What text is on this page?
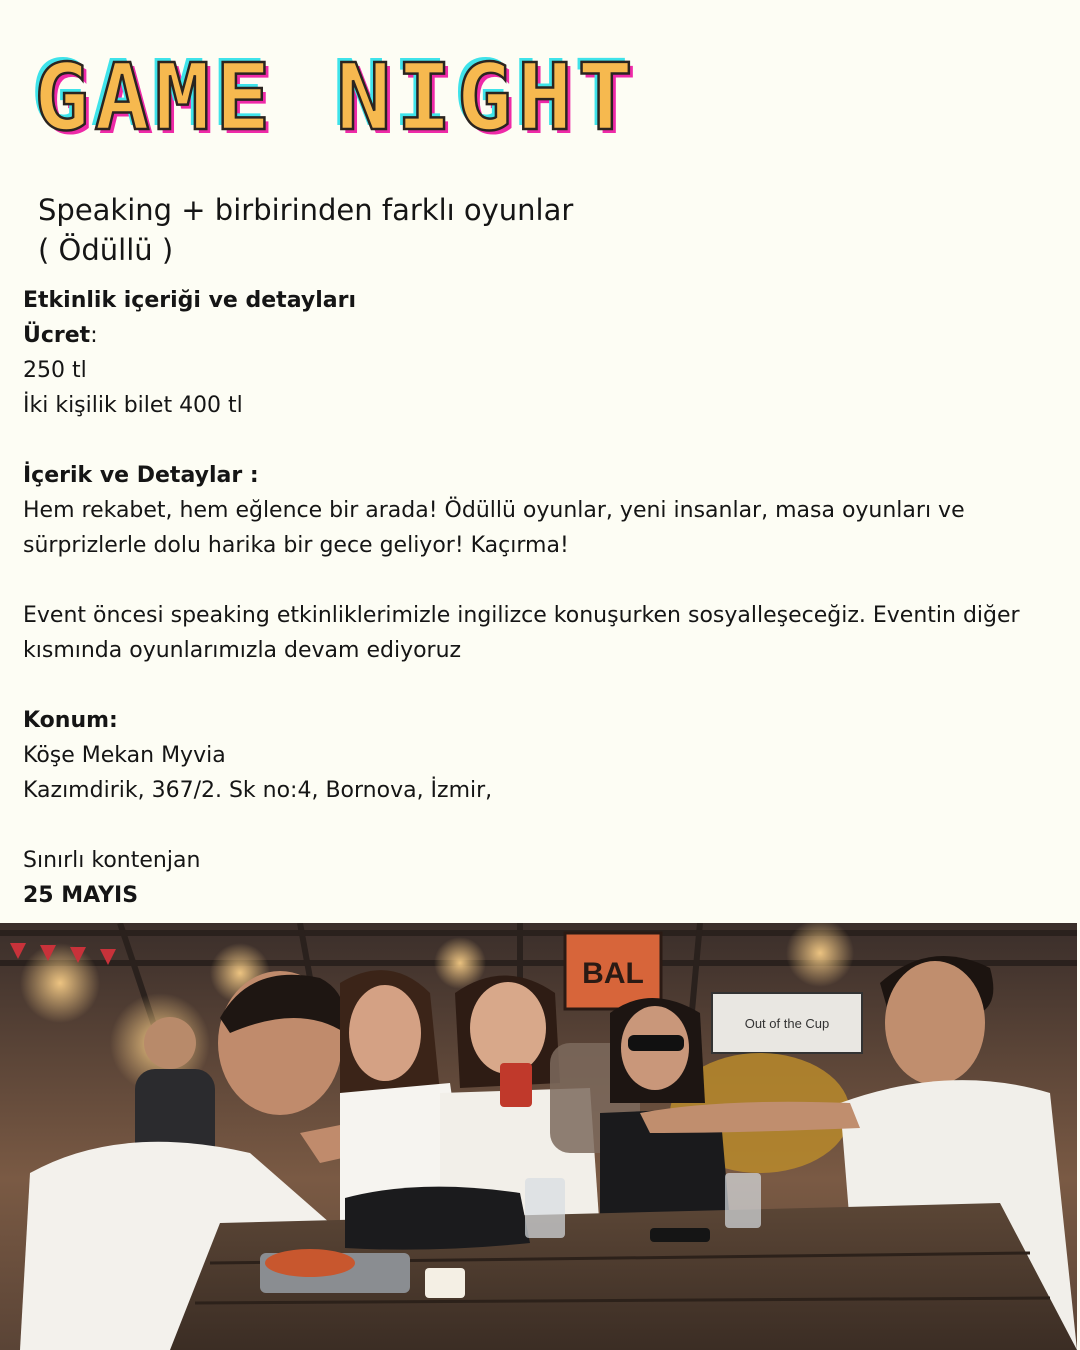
GAME NIGHT
Speaking + birbirinden farklı oyunlar
( Ödüllü )
Etkinlik içeriği ve detayları
Ücret:
250 tl
İki kişilik bilet 400 tl
İçerik ve Detaylar :
Hem rekabet, hem eğlence bir arada! Ödüllü oyunlar, yeni insanlar, masa oyunları ve sürprizlerle dolu harika bir gece geliyor! Kaçırma!
Event öncesi speaking etkinliklerimizle ingilizce konuşurken sosyalleşeceğiz. Eventin diğer kısmında oyunlarımızla devam ediyoruz
Konum:
Köşe Mekan Myvia
Kazımdirik, 367/2. Sk no:4, Bornova, İzmir,
Sınırlı kontenjan
25 MAYIS
BAL
Out of the Cup
